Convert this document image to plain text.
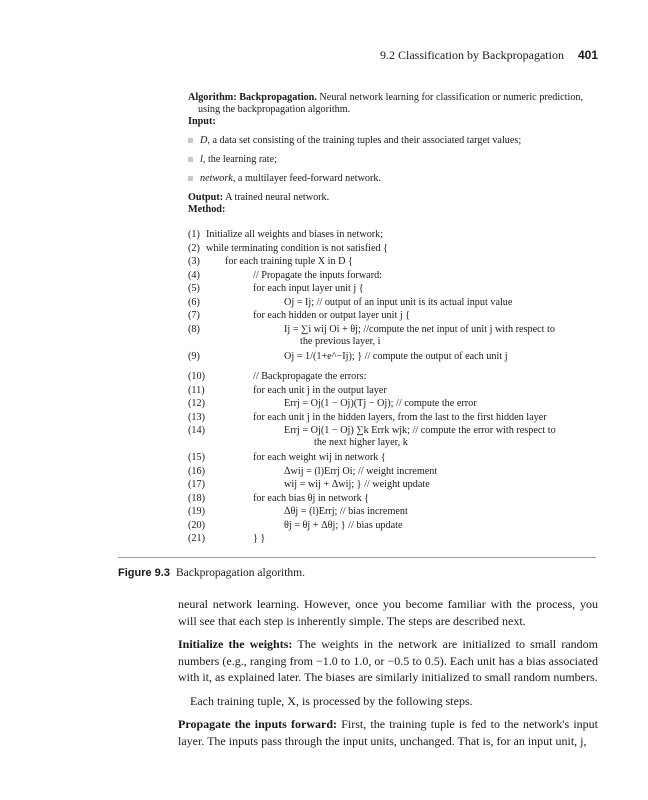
9.2 Classification by Backpropagation 401

Algorithm: Backpropagation. Neural network learning for classification or numeric prediction, using the backpropagation algorithm.

Input:

D, a data set consisting of the training tuples and their associated target values;

l, the learning rate;

network, a multilayer feed-forward network.

Output: A trained neural network.

Method:

(1) Initialize all weights and biases in network;
(2) while terminating condition is not satisfied {
(3) for each training tuple X in D {
(4)	// Propagate the inputs forward:
(5)	for each input layer unit j {
(6)	Oj = Ij; // output of an input unit is its actual input value
(7)	for each hidden or output layer unit j {
(8)	Ij = ∑i wij Oi + θj; //compute the net input of unit j with respect to
the previous layer, i
(9)	Oj = 1/(1+e^−Ij); } // compute the output of each unit j
(10)	// Backpropagate the errors:
(11)	for each unit j in the output layer
(12)	Errj = Oj(1 − Oj)(Tj − Oj); // compute the error
(13)	for each unit j in the hidden layers, from the last to the first hidden layer
(14)	Errj = Oj(1 − Oj) ∑k Errk wjk; // compute the error with respect to
the next higher layer, k
(15)	for each weight wij in network {
(16)	Δwij = (l)Errj Oi; // weight increment
(17)	wij = wij + Δwij; } // weight update
(18)	for each bias θj in network {
(19)	Δθj = (l)Errj; // bias increment
(20)	θj = θj + Δθj; } // bias update
(21)	} }
Figure 9.3 Backpropagation algorithm.

neural network learning. However, once you become familiar with the process, you will see that each step is inherently simple. The steps are described next.

Initialize the weights: The weights in the network are initialized to small random numbers (e.g., ranging from −1.0 to 1.0, or −0.5 to 0.5). Each unit has a bias associated with it, as explained later. The biases are similarly initialized to small random numbers.

Each training tuple, X, is processed by the following steps.

Propagate the inputs forward: First, the training tuple is fed to the network's input layer. The inputs pass through the input units, unchanged. That is, for an input unit, j,
